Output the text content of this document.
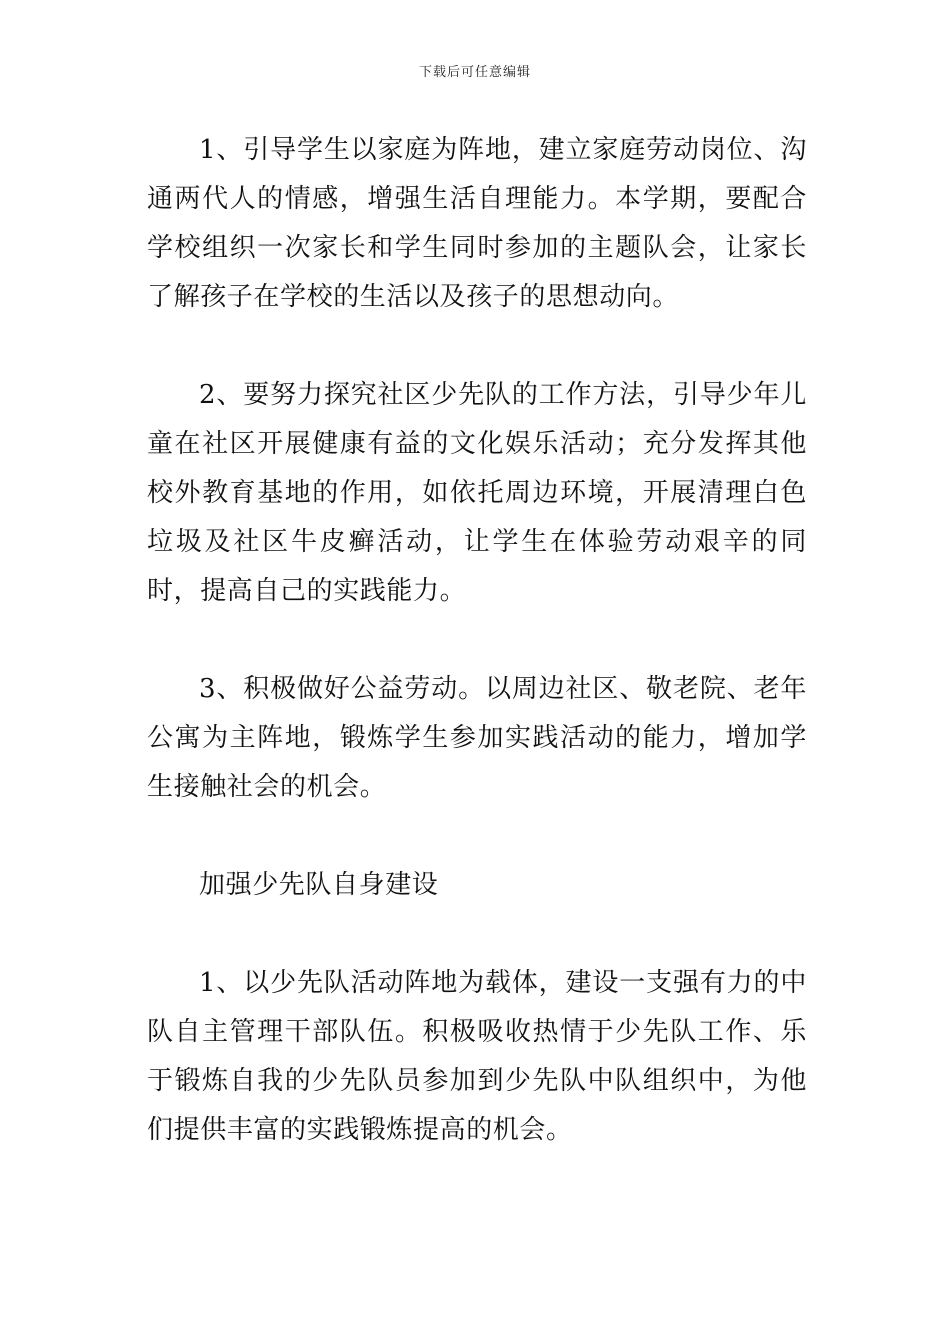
下载后可任意编辑

1、引导学生以家庭为阵地，建立家庭劳动岗位、沟通两代人的情感，增强生活自理能力。本学期，要配合学校组织一次家长和学生同时参加的主题队会，让家长了解孩子在学校的生活以及孩子的思想动向。

2、要努力探究社区少先队的工作方法，引导少年儿童在社区开展健康有益的文化娱乐活动；充分发挥其他校外教育基地的作用，如依托周边环境，开展清理白色垃圾及社区牛皮癣活动，让学生在体验劳动艰辛的同时，提高自己的实践能力。

3、积极做好公益劳动。以周边社区、敬老院、老年公寓为主阵地，锻炼学生参加实践活动的能力，增加学生接触社会的机会。

加强少先队自身建设

1、以少先队活动阵地为载体，建设一支强有力的中队自主管理干部队伍。积极吸收热情于少先队工作、乐于锻炼自我的少先队员参加到少先队中队组织中，为他们提供丰富的实践锻炼提高的机会。
